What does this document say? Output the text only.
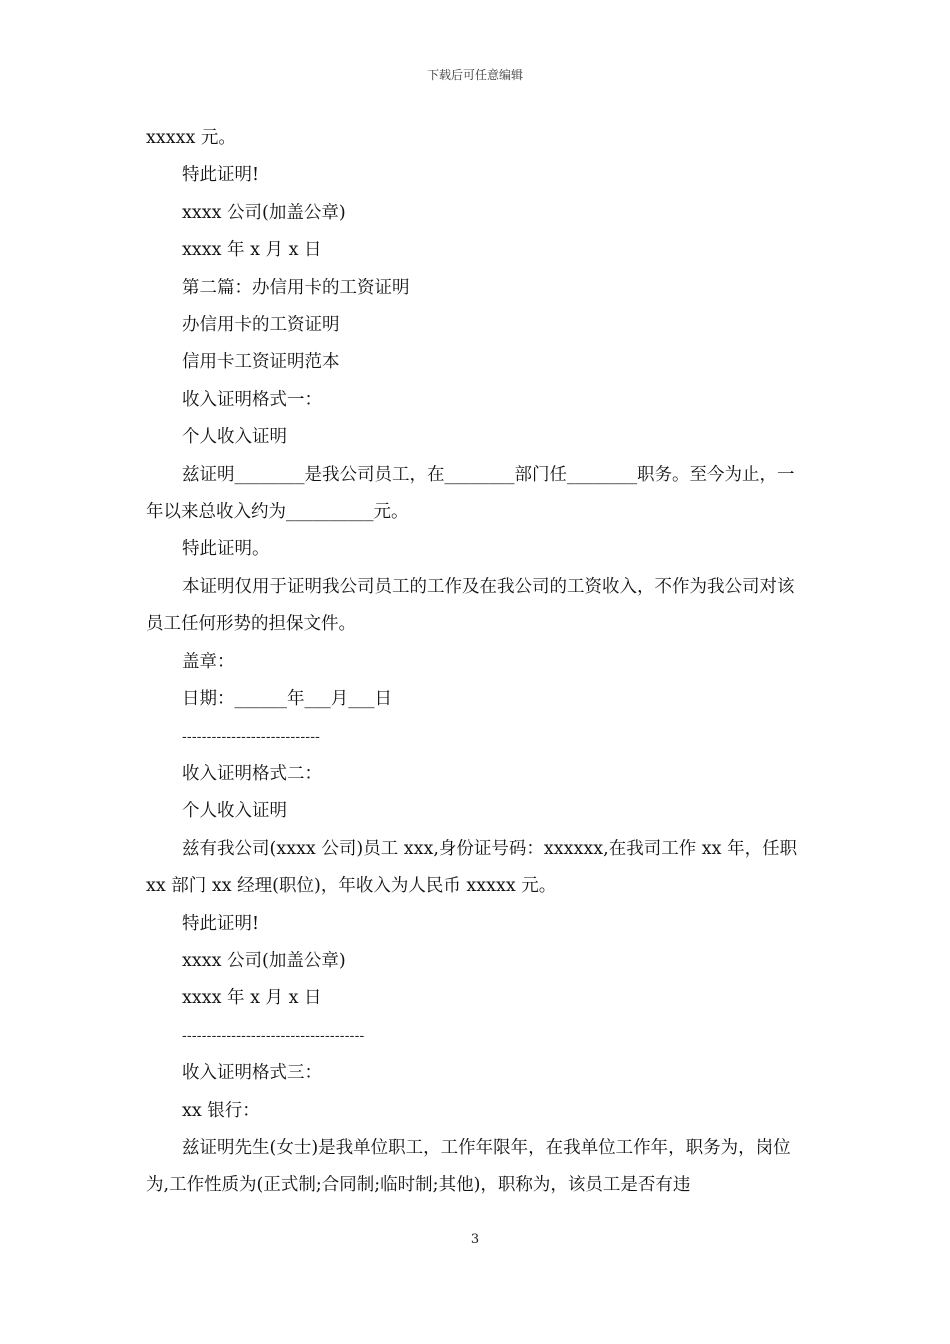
下载后可任意编辑

xxxxx 元。

特此证明!

xxxx 公司(加盖公章)

xxxx 年 x 月 x 日

第二篇：办信用卡的工资证明

办信用卡的工资证明

信用卡工资证明范本

收入证明格式一：

个人收入证明

兹证明________是我公司员工，在________部门任________职务。至今为止，一年以来总收入约为__________元。

特此证明。

本证明仅用于证明我公司员工的工作及在我公司的工资收入，不作为我公司对该员工任何形势的担保文件。

盖章：

日期：______年___月___日

----------------------------

收入证明格式二：

个人收入证明

兹有我公司(xxxx 公司)员工 xxx,身份证号码：xxxxxx,在我司工作 xx 年，任职 xx 部门 xx 经理(职位)，年收入为人民币 xxxxx 元。

特此证明!

xxxx 公司(加盖公章)

xxxx 年 x 月 x 日

-------------------------------------

收入证明格式三：

xx 银行：

兹证明先生(女士)是我单位职工，工作年限年，在我单位工作年，职务为，岗位为,工作性质为(正式制;合同制;临时制;其他)，职称为，该员工是否有违

3
